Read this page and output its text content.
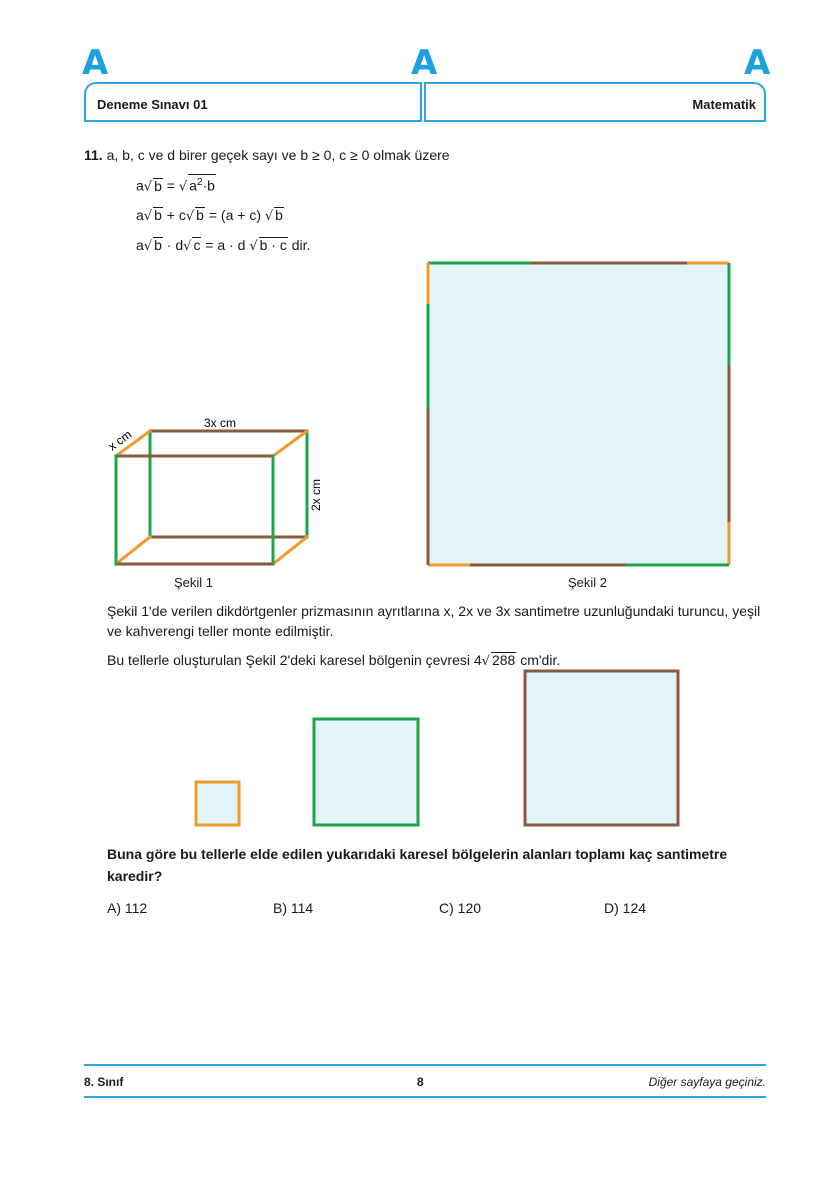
A	A	A
Deneme Sınavı 01	Matematik
11. a, b, c ve d birer geçek sayı ve b ≥ 0, c ≥ 0 olmak üzere
a√ b = √ $a^2\cdot b$
a√ b + c√ b = (a + c) √ b
a√ b · d√ c = a · d √ b · c dir.
3x cm
x cm
2x cm
Şekil 1	Şekil 2
Şekil 1'de verilen dikdörtgenler prizmasının ayrıtlarına x, 2x ve 3x santimetre uzunluğundaki turuncu, yeşil ve kahverengi teller monte edilmiştir.
Bu tellerle oluşturulan Şekil 2'deki karesel bölgenin çevresi 4√ 288 cm'dir.
Buna göre bu tellerle elde edilen yukarıdaki karesel bölgelerin alanları toplamı kaç santimetre karedir?
A) 112	B) 114	C) 120	D) 124
8. Sınıf	8	Diğer sayfaya geçiniz.
